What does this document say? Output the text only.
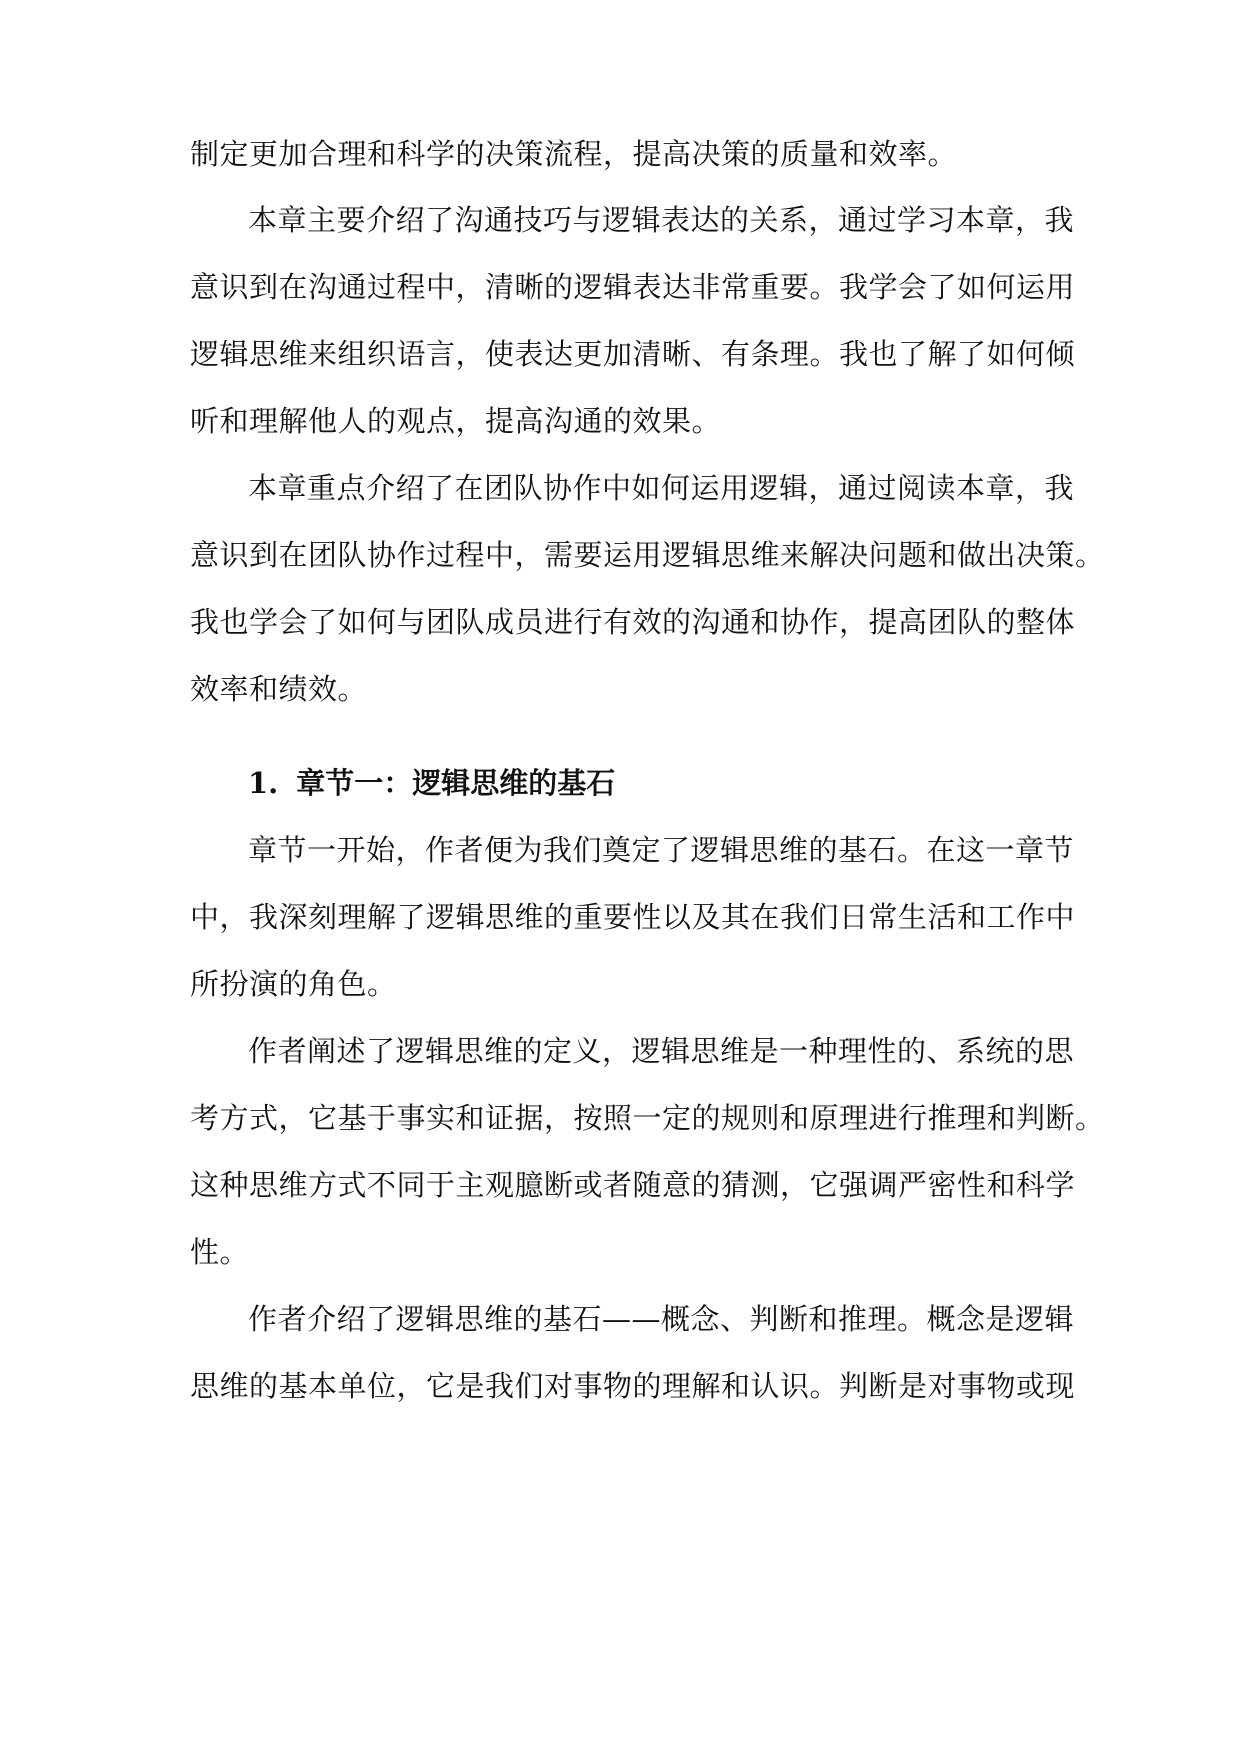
制定更加合理和科学的决策流程，提高决策的质量和效率。
本章主要介绍了沟通技巧与逻辑表达的关系，通过学习本章，我
意识到在沟通过程中，清晰的逻辑表达非常重要。我学会了如何运用
逻辑思维来组织语言，使表达更加清晰、有条理。我也了解了如何倾
听和理解他人的观点，提高沟通的效果。
本章重点介绍了在团队协作中如何运用逻辑，通过阅读本章，我
意识到在团队协作过程中，需要运用逻辑思维来解决问题和做出决策。
我也学会了如何与团队成员进行有效的沟通和协作，提高团队的整体
效率和绩效。
1. 章节一：逻辑思维的基石
章节一开始，作者便为我们奠定了逻辑思维的基石。在这一章节
中，我深刻理解了逻辑思维的重要性以及其在我们日常生活和工作中
所扮演的角色。
作者阐述了逻辑思维的定义，逻辑思维是一种理性的、系统的思
考方式，它基于事实和证据，按照一定的规则和原理进行推理和判断。
这种思维方式不同于主观臆断或者随意的猜测，它强调严密性和科学
性。
作者介绍了逻辑思维的基石——概念、判断和推理。概念是逻辑
思维的基本单位，它是我们对事物的理解和认识。判断是对事物或现
